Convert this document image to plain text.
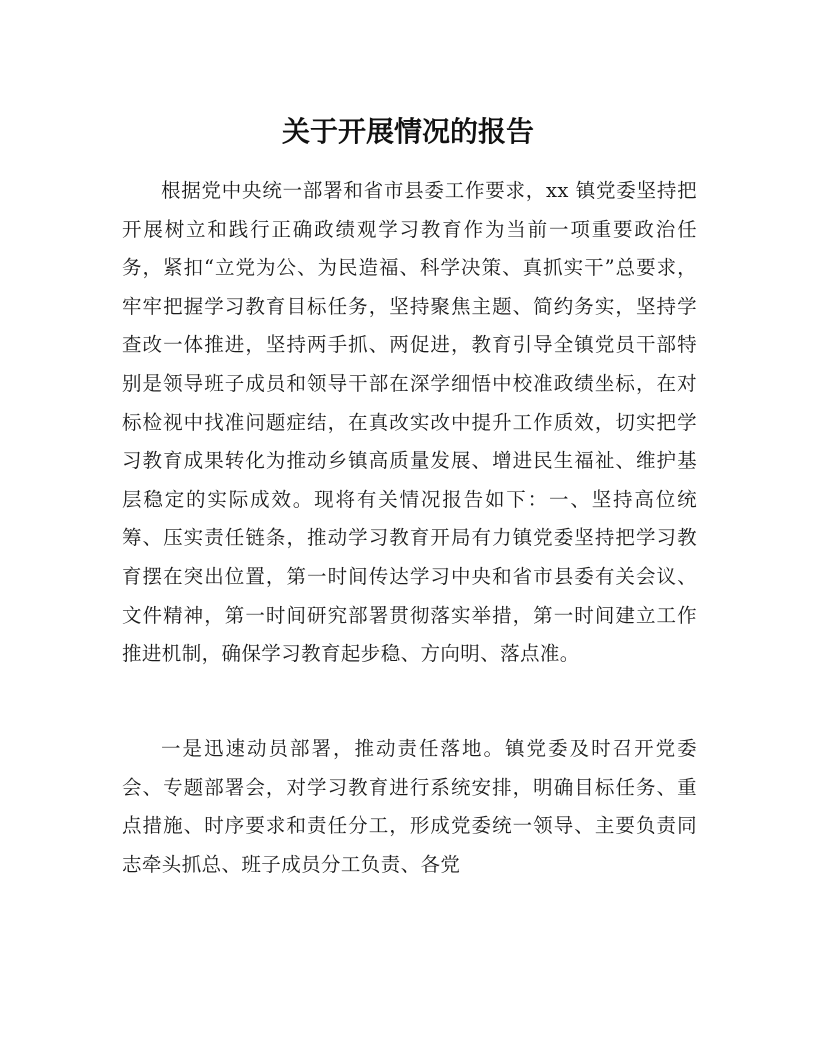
关于开展情况的报告

根据党中央统一部署和省市县委工作要求，xx 镇党委坚持把开展树立和践行正确政绩观学习教育作为当前一项重要政治任务，紧扣“立党为公、为民造福、科学决策、真抓实干”总要求，牢牢把握学习教育目标任务，坚持聚焦主题、简约务实，坚持学查改一体推进，坚持两手抓、两促进，教育引导全镇党员干部特别是领导班子成员和领导干部在深学细悟中校准政绩坐标，在对标检视中找准问题症结，在真改实改中提升工作质效，切实把学习教育成果转化为推动乡镇高质量发展、增进民生福祉、维护基层稳定的实际成效。现将有关情况报告如下：一、坚持高位统筹、压实责任链条，推动学习教育开局有力镇党委坚持把学习教育摆在突出位置，第一时间传达学习中央和省市县委有关会议、文件精神，第一时间研究部署贯彻落实举措，第一时间建立工作推进机制，确保学习教育起步稳、方向明、落点准。

一是迅速动员部署，推动责任落地。镇党委及时召开党委会、专题部署会，对学习教育进行系统安排，明确目标任务、重点措施、时序要求和责任分工，形成党委统一领导、主要负责同志牵头抓总、班子成员分工负责、各党
